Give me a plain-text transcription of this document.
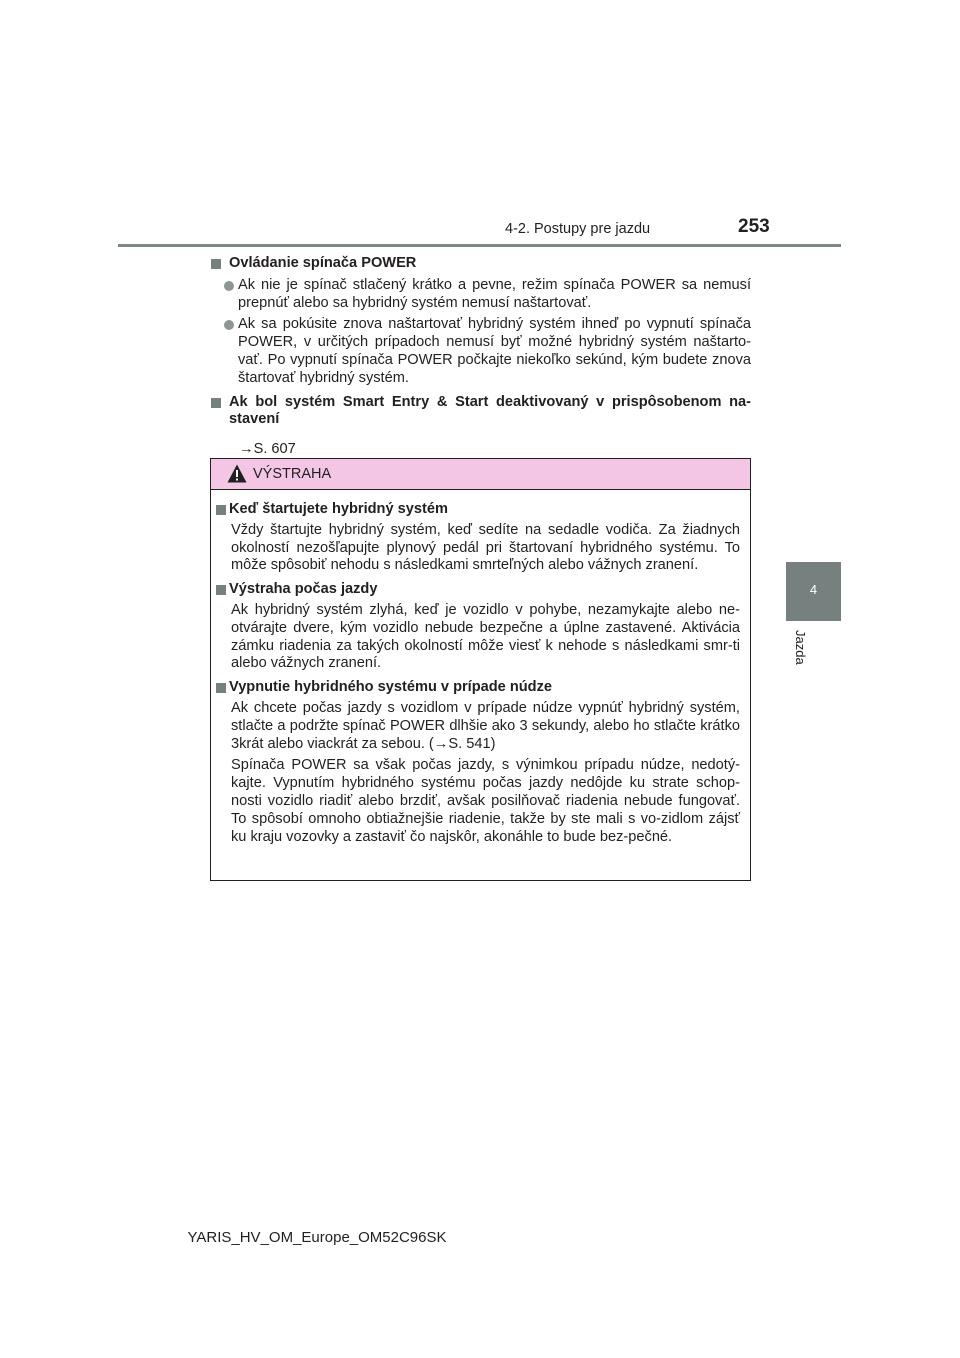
4-2. Postupy pre jazdu	253
4
Jazda
Ovládanie spínača POWER
Ak nie je spínač stlačený krátko a pevne, režim spínača POWER sa nemusí prepnúť alebo sa hybridný systém nemusí naštartovať.
Ak sa pokúsite znova naštartovať hybridný systém ihneď po vypnutí spínača POWER, v určitých prípadoch nemusí byť možné hybridný systém naštarto-vať. Po vypnutí spínača POWER počkajte niekoľko sekúnd, kým budete znova štartovať hybridný systém.
Ak bol systém Smart Entry & Start deaktivovaný v prispôsobenom na-stavení
→S. 607
VÝSTRAHA
Keď štartujete hybridný systém
Vždy štartujte hybridný systém, keď sedíte na sedadle vodiča. Za žiadnych okolností nezošľapujte plynový pedál pri štartovaní hybridného systému. To môže spôsobiť nehodu s následkami smrteľných alebo vážnych zranení.
Výstraha počas jazdy
Ak hybridný systém zlyhá, keď je vozidlo v pohybe, nezamykajte alebo ne-otvárajte dvere, kým vozidlo nebude bezpečne a úplne zastavené. Aktivácia zámku riadenia za takých okolností môže viesť k nehode s následkami smr-ti alebo vážnych zranení.
Vypnutie hybridného systému v prípade núdze
Ak chcete počas jazdy s vozidlom v prípade núdze vypnúť hybridný systém, stlačte a podržte spínač POWER dlhšie ako 3 sekundy, alebo ho stlačte krátko 3krát alebo viackrát za sebou. (→S. 541)
Spínača POWER sa však počas jazdy, s výnimkou prípadu núdze, nedotý-kajte. Vypnutím hybridného systému počas jazdy nedôjde ku strate schop-nosti vozidlo riadiť alebo brzdiť, avšak posilňovač riadenia nebude fungovať. To spôsobí omnoho obtiažnejšie riadenie, takže by ste mali s vo-zidlom zájsť ku kraju vozovky a zastaviť čo najskôr, akonáhle to bude bez-pečné.
YARIS_HV_OM_Europe_OM52C96SK
